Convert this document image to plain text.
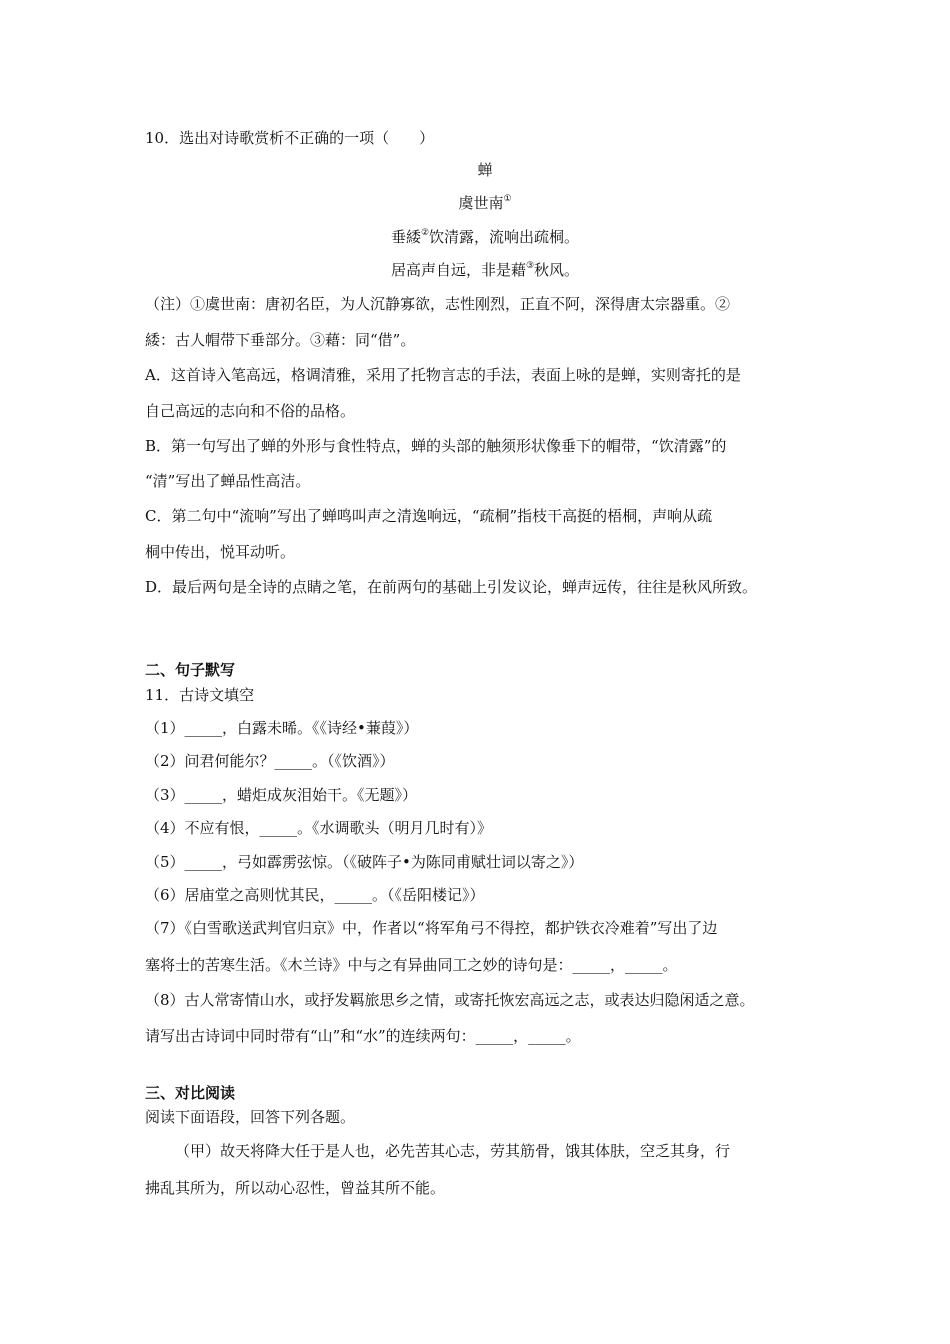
10．选出对诗歌赏析不正确的一项（　　）
蝉
虞世南①
垂緌②饮清露，流响出疏桐。
居高声自远，非是藉③秋风。
（注）①虞世南：唐初名臣，为人沉静寡欲，志性刚烈，正直不阿，深得唐太宗器重。②
緌：古人帽带下垂部分。③藉：同“借”。
A．这首诗入笔高远，格调清雅，采用了托物言志的手法，表面上咏的是蝉，实则寄托的是
自己高远的志向和不俗的品格。
B．第一句写出了蝉的外形与食性特点，蝉的头部的触须形状像垂下的帽带，“饮清露”的
“清”写出了蝉品性高洁。
C．第二句中“流响”写出了蝉鸣叫声之清逸响远，“疏桐”指枝干高挺的梧桐，声响从疏
桐中传出，悦耳动听。
D．最后两句是全诗的点睛之笔，在前两句的基础上引发议论，蝉声远传，往往是秋风所致。
二、句子默写
11．古诗文填空
（1）_____，白露未晞。《《诗经•蒹葭》）
（2）问君何能尔？_____。（《饮酒》）
（3）_____，蜡炬成灰泪始干。《无题》）
（4）不应有恨，_____。《水调歌头（明月几时有）》
（5）_____，弓如霹雳弦惊。（《破阵子•为陈同甫赋壮词以寄之》）
（6）居庙堂之高则忧其民，_____。（《岳阳楼记》）
（7）《白雪歌送武判官归京》中，作者以“将军角弓不得控，都护铁衣冷难着”写出了边
塞将士的苦寒生活。《木兰诗》中与之有异曲同工之妙的诗句是：_____，_____。
（8）古人常寄情山水，或抒发羁旅思乡之情，或寄托恢宏高远之志，或表达归隐闲适之意。
请写出古诗词中同时带有“山”和“水”的连续两句：_____，_____。
三、对比阅读
阅读下面语段，回答下列各题。
（甲）故天将降大任于是人也，必先苦其心志，劳其筋骨，饿其体肤，空乏其身，行
拂乱其所为，所以动心忍性，曾益其所不能。
